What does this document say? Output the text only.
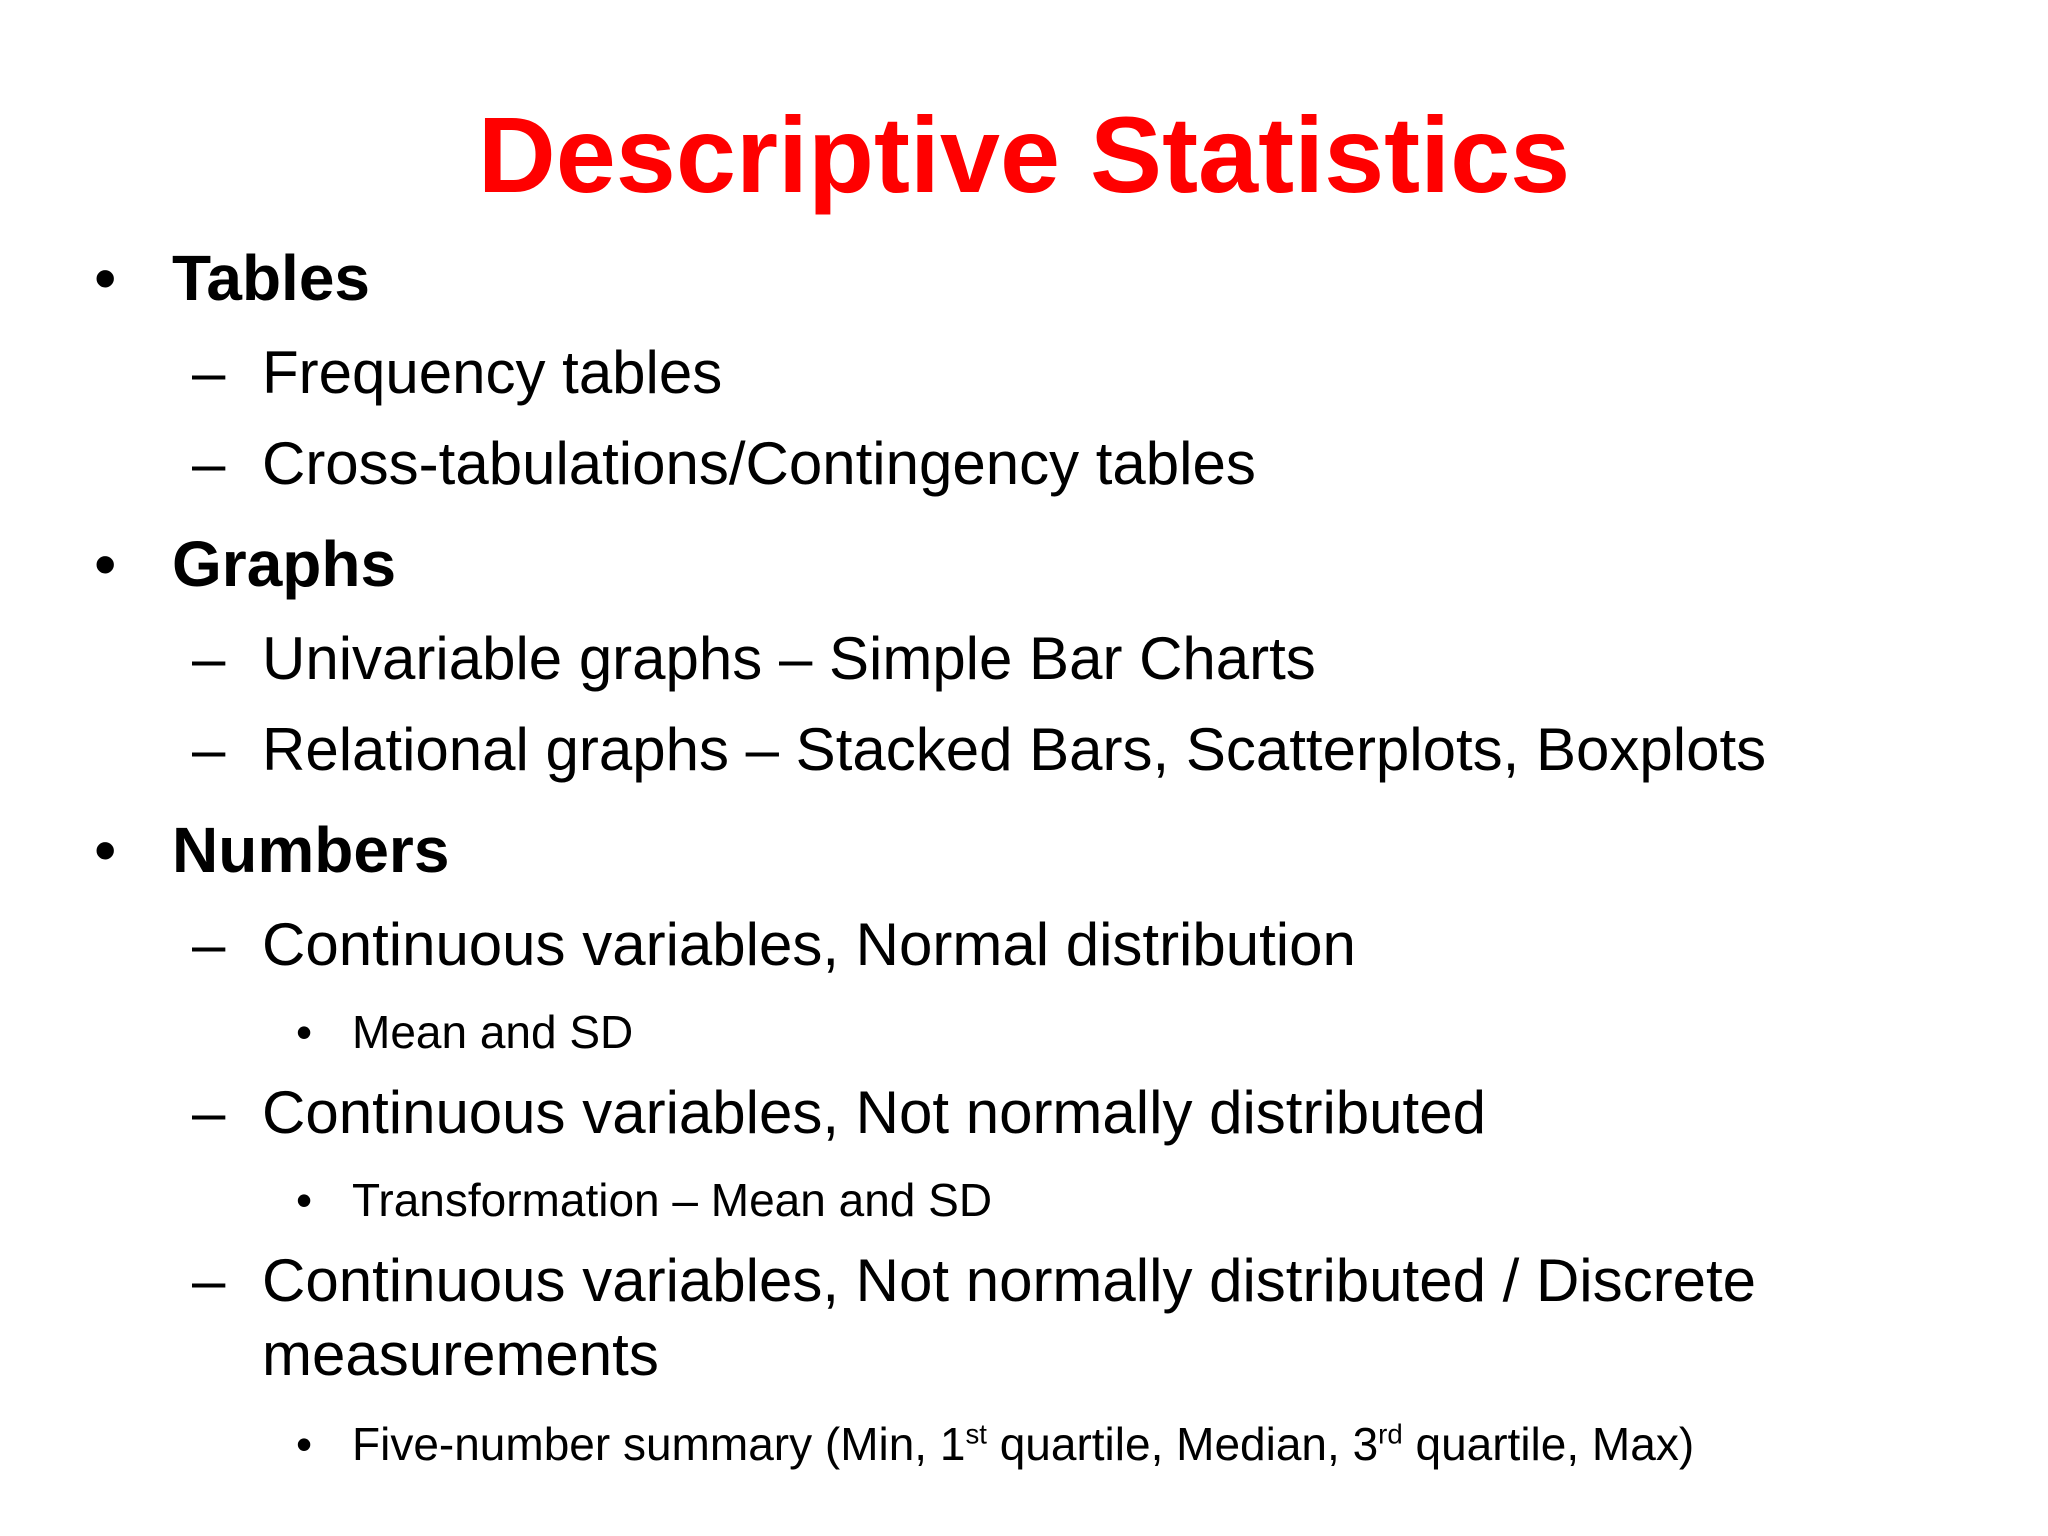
Descriptive Statistics
• Tables
– Frequency tables
– Cross-tabulations/Contingency tables
• Graphs
– Univariable graphs – Simple Bar Charts
– Relational graphs – Stacked Bars, Scatterplots, Boxplots
• Numbers
– Continuous variables, Normal distribution
• Mean and SD
– Continuous variables, Not normally distributed
• Transformation – Mean and SD
– Continuous variables, Not normally distributed / Discrete
measurements
• Five-number summary (Min, 1st quartile, Median, 3rd quartile, Max)
